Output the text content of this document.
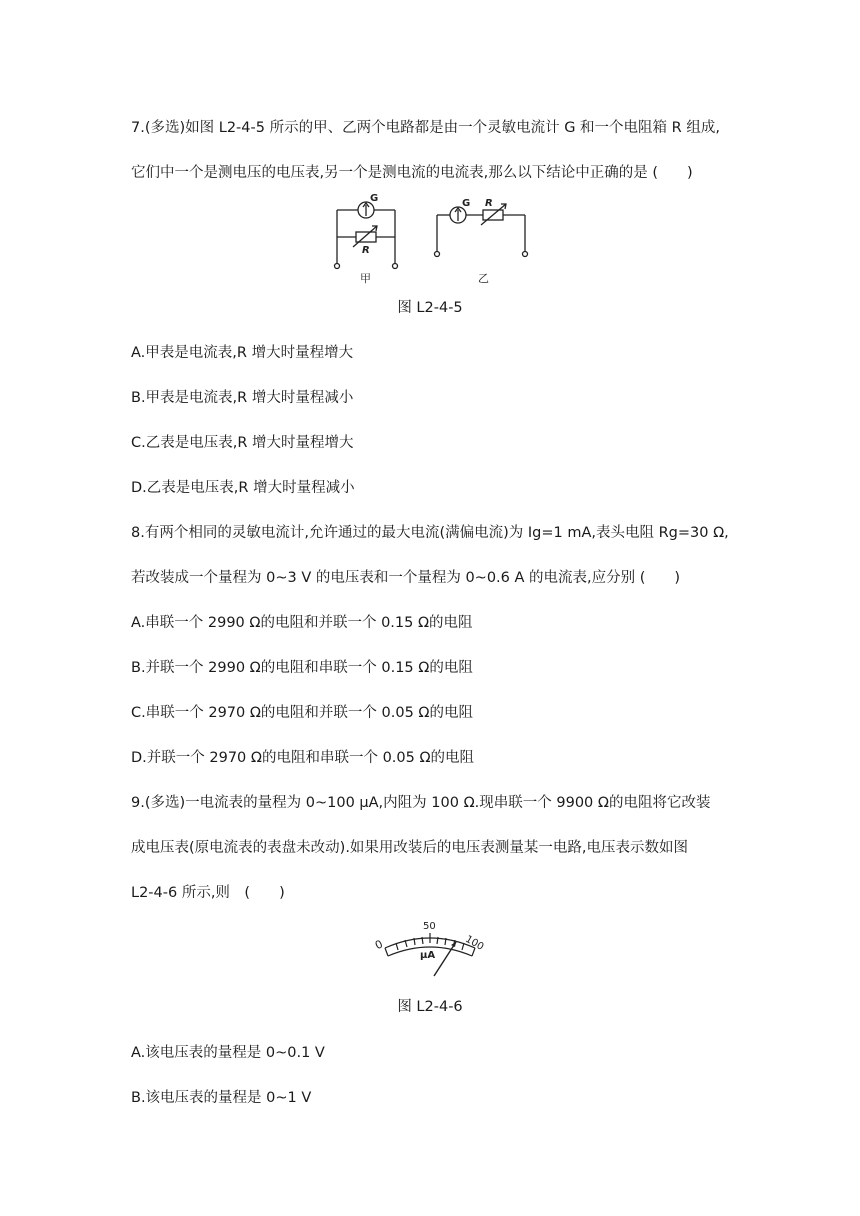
7.(多选)如图 L2-4-5 所示的甲、乙两个电路都是由一个灵敏电流计 G 和一个电阻箱 R 组成,
它们中一个是测电压的电压表,另一个是测电流的电流表,那么以下结论中正确的是 (　　)
G
R
甲
G R
乙
图 L2-4-5
A.甲表是电流表,R 增大时量程增大
B.甲表是电流表,R 增大时量程减小
C.乙表是电压表,R 增大时量程增大
D.乙表是电压表,R 增大时量程减小
8.有两个相同的灵敏电流计,允许通过的最大电流(满偏电流)为 Ig=1 mA,表头电阻 Rg=30 Ω,
若改装成一个量程为 0~3 V 的电压表和一个量程为 0~0.6 A 的电流表,应分别 (　　)
A.串联一个 2990 Ω的电阻和并联一个 0.15 Ω的电阻
B.并联一个 2990 Ω的电阻和串联一个 0.15 Ω的电阻
C.串联一个 2970 Ω的电阻和并联一个 0.05 Ω的电阻
D.并联一个 2970 Ω的电阻和串联一个 0.05 Ω的电阻
9.(多选)一电流表的量程为 0~100 μA,内阻为 100 Ω.现串联一个 9900 Ω的电阻将它改装
成电压表(原电流表的表盘未改动).如果用改装后的电压表测量某一电路,电压表示数如图
L2-4-6 所示,则　(　　)
0
50
100
μA
图 L2-4-6
A.该电压表的量程是 0~0.1 V
B.该电压表的量程是 0~1 V
